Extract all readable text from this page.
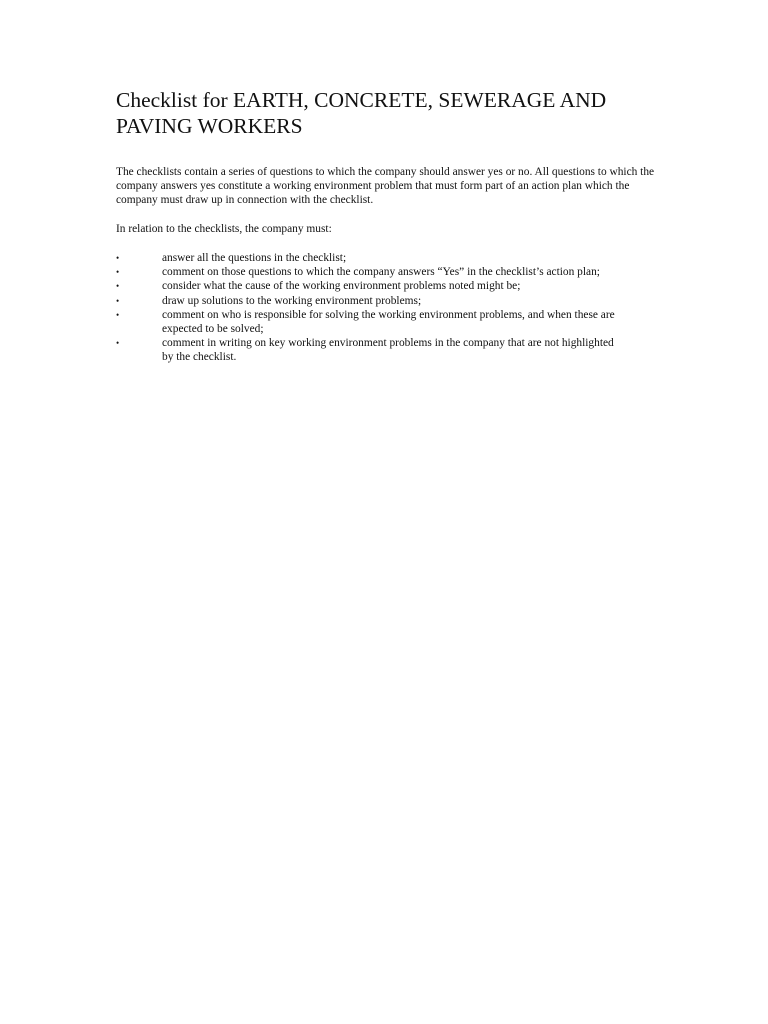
Checklist for EARTH, CONCRETE, SEWERAGE AND PAVING WORKERS

The checklists contain a series of questions to which the company should answer yes or no. All questions to which the company answers yes constitute a working environment problem that must form part of an action plan which the company must draw up in connection with the checklist.

In relation to the checklists, the company must:

•	answer all the questions in the checklist;
•	comment on those questions to which the company answers “Yes” in the checklist’s action plan;
•	consider what the cause of the working environment problems noted might be;
•	draw up solutions to the working environment problems;
•	comment on who is responsible for solving the working environment problems, and when these are expected to be solved;
•	comment in writing on key working environment problems in the company that are not highlighted by the checklist.
